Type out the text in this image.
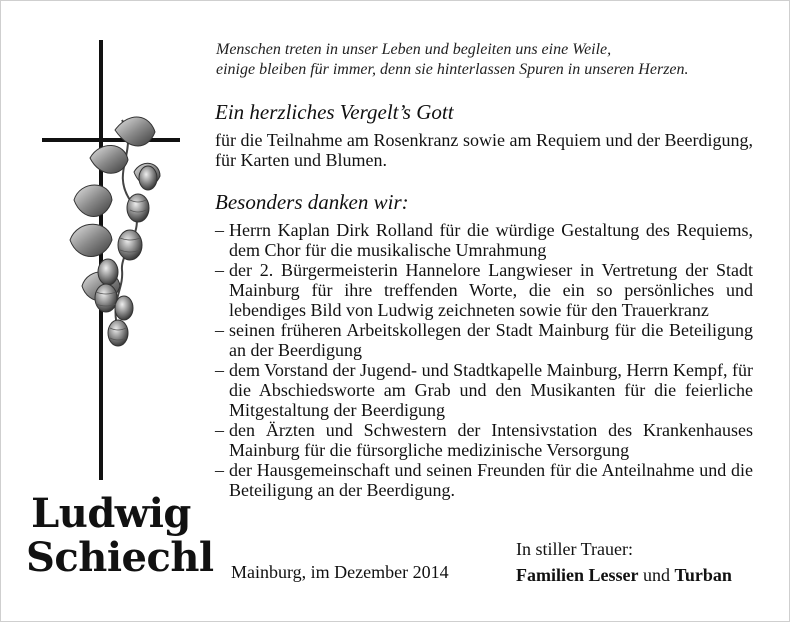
Ludwig
Schiechl
Menschen treten in unser Leben und begleiten uns eine Weile,
einige bleiben für immer, denn sie hinterlassen Spuren in unseren Herzen.
Ein herzliches Vergelt’s Gott
für die Teilnahme am Rosenkranz sowie am Requiem und der Beerdigung, für Karten und Blumen.
Besonders danken wir:
– Herrn Kaplan Dirk Rolland für die würdige Gestaltung des Requiems, dem Chor für die musikalische Umrahmung
– der 2. Bürgermeisterin Hannelore Langwieser in Vertretung der Stadt Mainburg für ihre treffenden Worte, die ein so persönliches und lebendiges Bild von Ludwig zeichneten sowie für den Trauerkranz
– seinen früheren Arbeitskollegen der Stadt Mainburg für die Beteiligung an der Beerdigung
– dem Vorstand der Jugend- und Stadtkapelle Mainburg, Herrn Kempf, für die Abschiedsworte am Grab und den Musikanten für die feierliche Mitgestaltung der Beerdigung
– den Ärzten und Schwestern der Intensivstation des Krankenhauses Mainburg für die fürsorgliche medizinische Versorgung
– der Hausgemeinschaft und seinen Freunden für die Anteilnahme und die Beteiligung an der Beerdigung.
Mainburg, im Dezember 2014
In stiller Trauer:
Familien Lesser und Turban
